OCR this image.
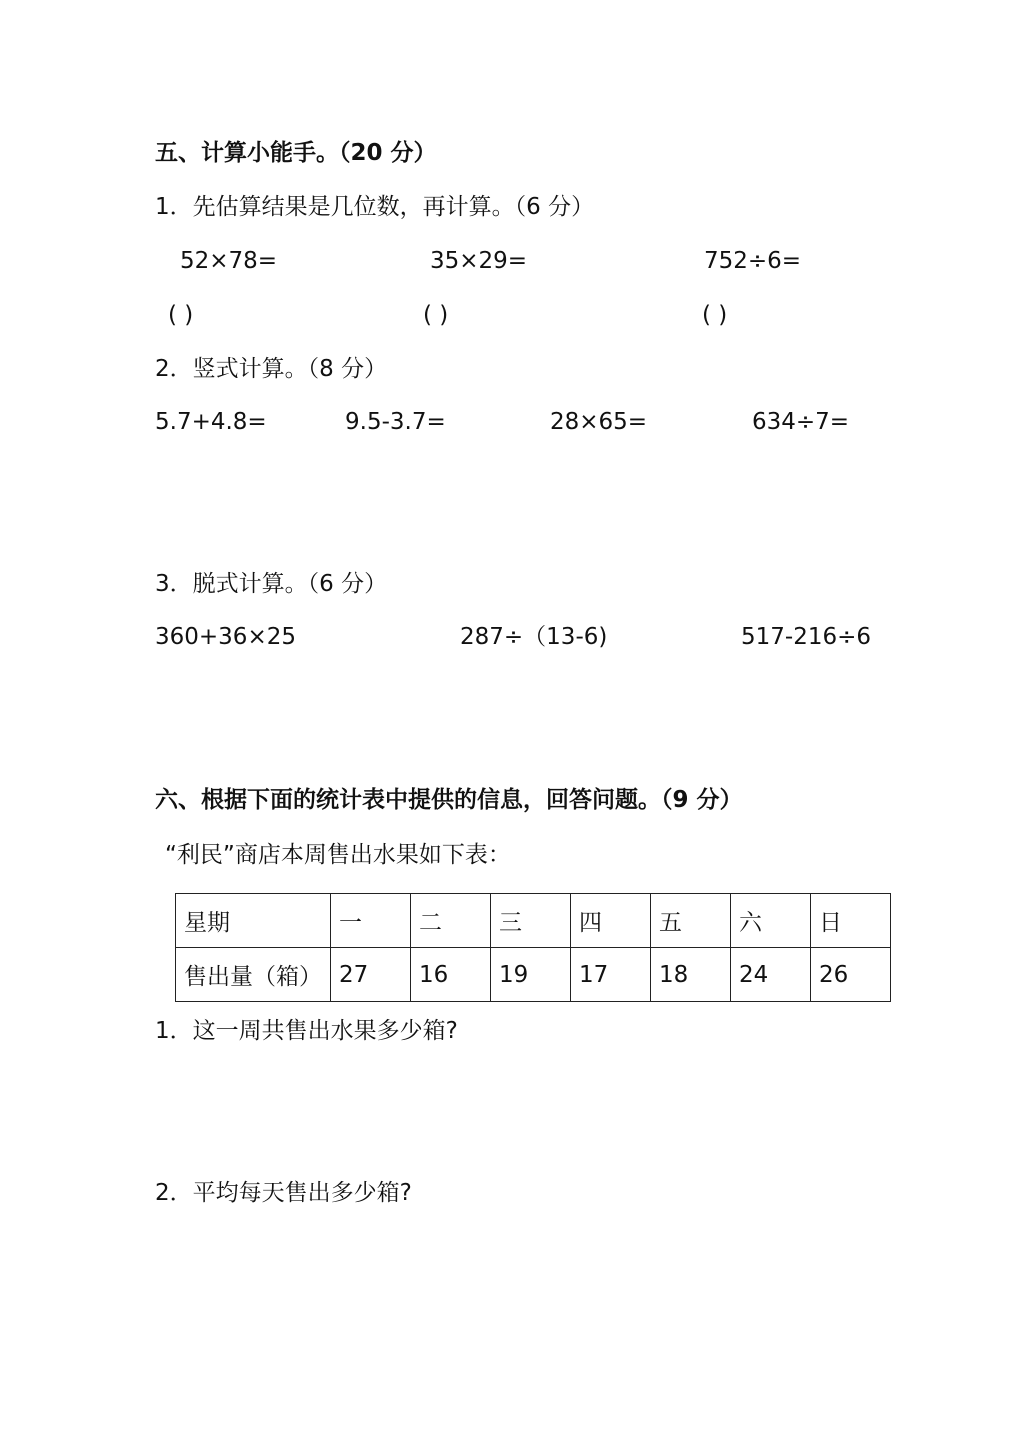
五、计算小能手。（20 分）
1．先估算结果是几位数，再计算。（6 分）
52×78=	35×29=	752÷6=
( )	( )	( )
2．竖式计算。（8 分）
5.7+4.8=	9.5-3.7=	28×65=	634÷7=
3．脱式计算。（6 分）
360+36×25	287÷（13-6)	517-216÷6
六、根据下面的统计表中提供的信息，回答问题。（9 分）
“利民”商店本周售出水果如下表：
星期	一	二	三	四	五	六	日
售出量（箱）	27	16	19	17	18	24	26
1．这一周共售出水果多少箱?
2．平均每天售出多少箱?
